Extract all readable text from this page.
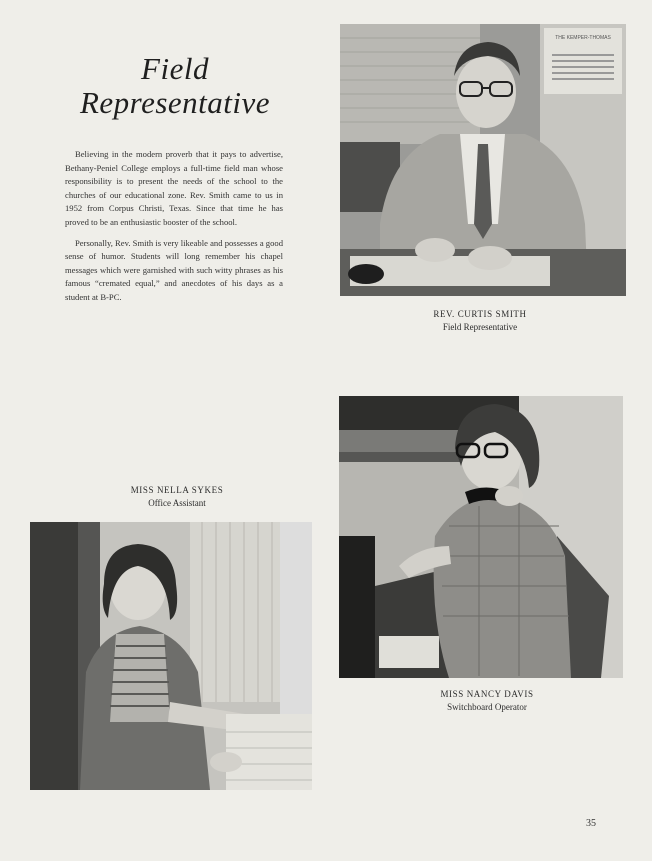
Field
Representative

Believing in the modern proverb that it pays to advertise, Bethany-Peniel College employs a full-time field man whose responsibility is to present the needs of the school to the churches of our educational zone. Rev. Smith came to us in 1952 from Corpus Christi, Texas. Since that time he has proved to be an enthusiastic booster of the school.

Personally, Rev. Smith is very likeable and possesses a good sense of humor. Students will long remember his chapel messages which were garnished with such witty phrases as his famous “cremated equal,” and anecdotes of his days as a student at B-PC.

THE KEMPER-THOMAS
REV. CURTIS SMITH
Field Representative
MISS NANCY DAVIS
Switchboard Operator
MISS NELLA SYKES
Office Assistant
35
